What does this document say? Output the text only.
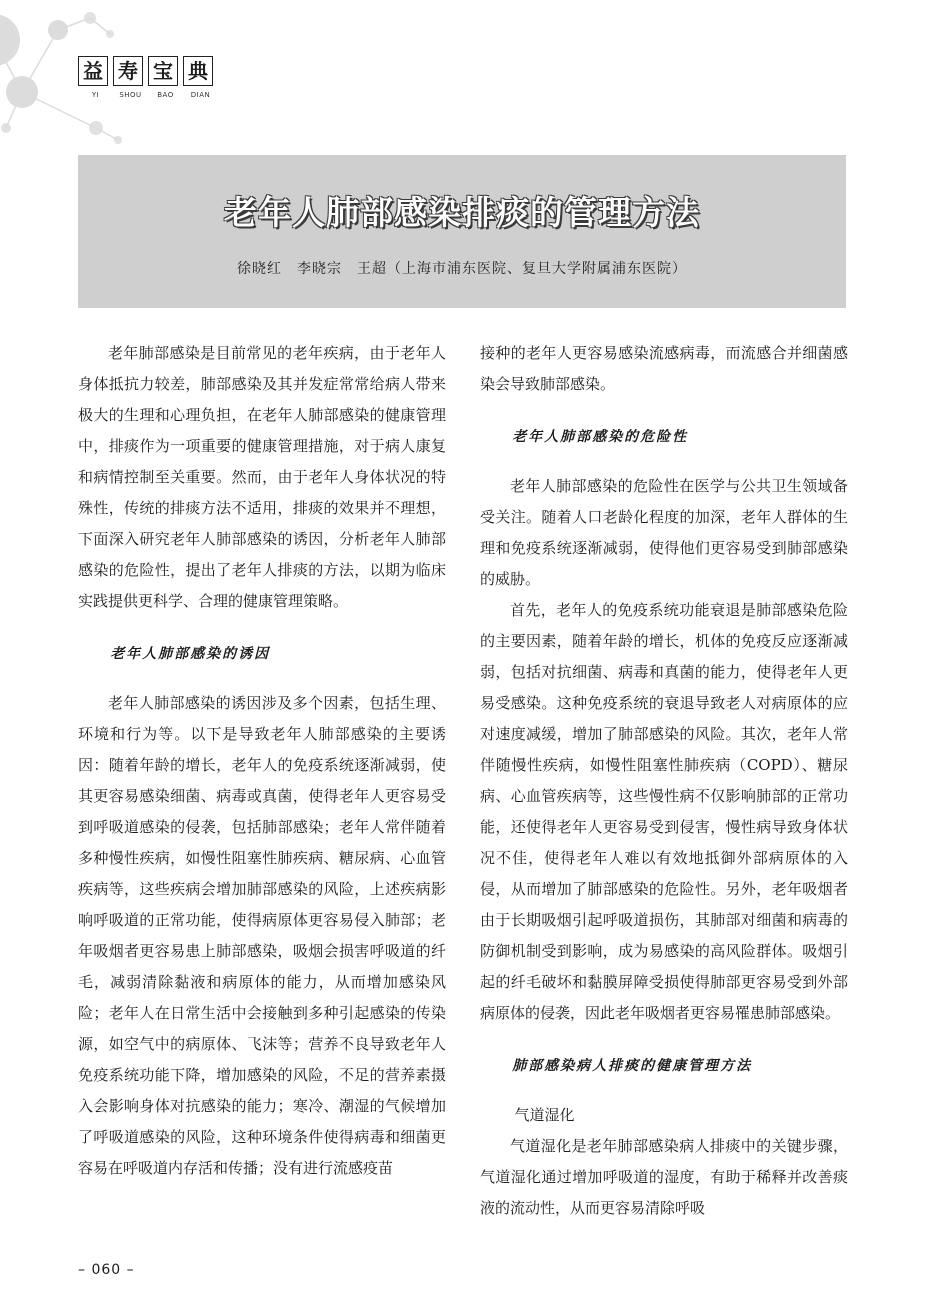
益 寿 宝 典
YI	SHOU	BAO	DIAN
老年人肺部感染排痰的管理方法
徐晓红　李晓宗　王超（上海市浦东医院、复旦大学附属浦东医院）

老年肺部感染是目前常见的老年疾病，由于老年人身体抵抗力较差，肺部感染及其并发症常常给病人带来极大的生理和心理负担，在老年人肺部感染的健康管理中，排痰作为一项重要的健康管理措施，对于病人康复和病情控制至关重要。然而，由于老年人身体状况的特殊性，传统的排痰方法不适用，排痰的效果并不理想，下面深入研究老年人肺部感染的诱因，分析老年人肺部感染的危险性，提出了老年人排痰的方法，以期为临床实践提供更科学、合理的健康管理策略。

老年人肺部感染的诱因

老年人肺部感染的诱因涉及多个因素，包括生理、环境和行为等。以下是导致老年人肺部感染的主要诱因：随着年龄的增长，老年人的免疫系统逐渐减弱，使其更容易感染细菌、病毒或真菌，使得老年人更容易受到呼吸道感染的侵袭，包括肺部感染；老年人常伴随着多种慢性疾病，如慢性阻塞性肺疾病、糖尿病、心血管疾病等，这些疾病会增加肺部感染的风险，上述疾病影响呼吸道的正常功能，使得病原体更容易侵入肺部；老年吸烟者更容易患上肺部感染，吸烟会损害呼吸道的纤毛，减弱清除黏液和病原体的能力，从而增加感染风险；老年人在日常生活中会接触到多种引起感染的传染源，如空气中的病原体、飞沫等；营养不良导致老年人免疫系统功能下降，增加感染的风险，不足的营养素摄入会影响身体对抗感染的能力；寒冷、潮湿的气候增加了呼吸道感染的风险，这种环境条件使得病毒和细菌更容易在呼吸道内存活和传播；没有进行流感疫苗

接种的老年人更容易感染流感病毒，而流感合并细菌感染会导致肺部感染。

老年人肺部感染的危险性

老年人肺部感染的危险性在医学与公共卫生领域备受关注。随着人口老龄化程度的加深，老年人群体的生理和免疫系统逐渐减弱，使得他们更容易受到肺部感染的威胁。

首先，老年人的免疫系统功能衰退是肺部感染危险的主要因素，随着年龄的增长，机体的免疫反应逐渐减弱，包括对抗细菌、病毒和真菌的能力，使得老年人更易受感染。这种免疫系统的衰退导致老人对病原体的应对速度减缓，增加了肺部感染的风险。其次，老年人常伴随慢性疾病，如慢性阻塞性肺疾病（COPD）、糖尿病、心血管疾病等，这些慢性病不仅影响肺部的正常功能，还使得老年人更容易受到侵害，慢性病导致身体状况不佳，使得老年人难以有效地抵御外部病原体的入侵，从而增加了肺部感染的危险性。另外，老年吸烟者由于长期吸烟引起呼吸道损伤，其肺部对细菌和病毒的防御机制受到影响，成为易感染的高风险群体。吸烟引起的纤毛破坏和黏膜屏障受损使得肺部更容易受到外部病原体的侵袭，因此老年吸烟者更容易罹患肺部感染。

肺部感染病人排痰的健康管理方法
气道湿化

气道湿化是老年肺部感染病人排痰中的关键步骤，气道湿化通过增加呼吸道的湿度，有助于稀释并改善痰液的流动性，从而更容易清除呼吸

– 060 –
